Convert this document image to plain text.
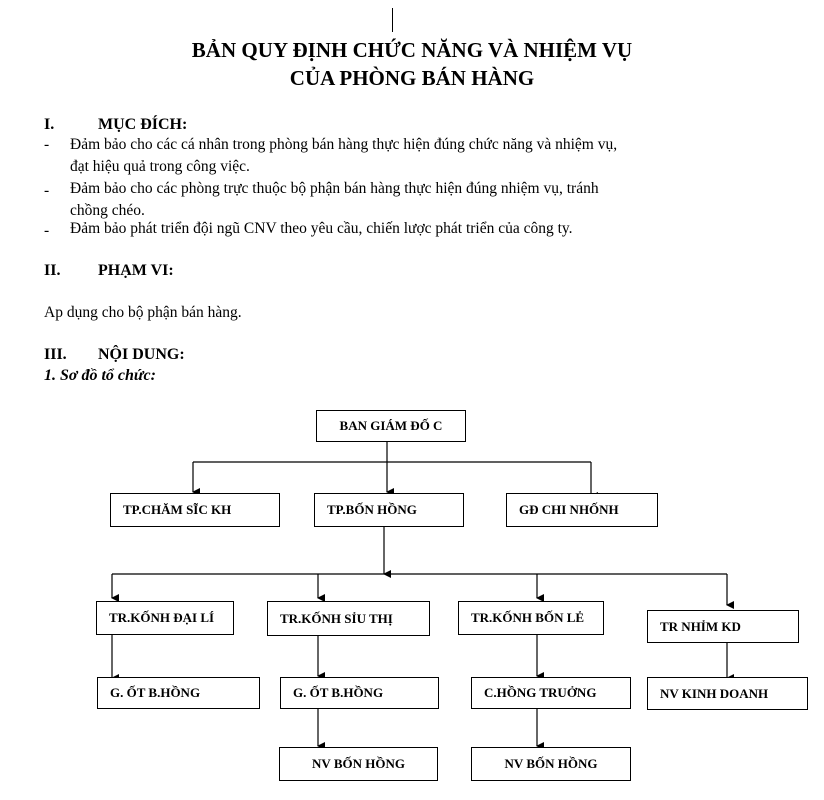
BẢN QUY ĐỊNH CHỨC NĂNG VÀ NHIỆM VỤ
CỦA PHÒNG BÁN HÀNG
I.	MỤC ĐÍCH:
- Đảm bảo cho các cá nhân trong phòng bán hàng thực hiện đúng chức năng và nhiệm vụ,
đạt hiệu quả trong công việc.
- Đảm bảo cho các phòng trực thuộc bộ phận bán hàng thực hiện đúng nhiệm vụ, tránh
chồng chéo.
- Đảm bảo phát triển đội ngũ CNV theo yêu cầu, chiến lược phát triển của công ty.
II. PHẠM VI:
Ap dụng cho bộ phận bán hàng.
III. NỘI DUNG:
1. Sơ đồ tổ chức:
BAN GIÁM ĐỐ C
TP.CHĂM SĨC KH	TP.BỐN HỒNG	GĐ CHI NHỐNH
TR.KỐNH ĐẠI LÍ	TR.KỐNH SỈU THỊ	TR.KỐNH BỐN LẺ
TR NHỈM KD
G. ỐT B.HỒNG	G. ỐT B.HỒNG	C.HỒNG TRUỞNG	NV KINH DOANH
NV BỐN HỒNG	NV BỐN HỒNG
